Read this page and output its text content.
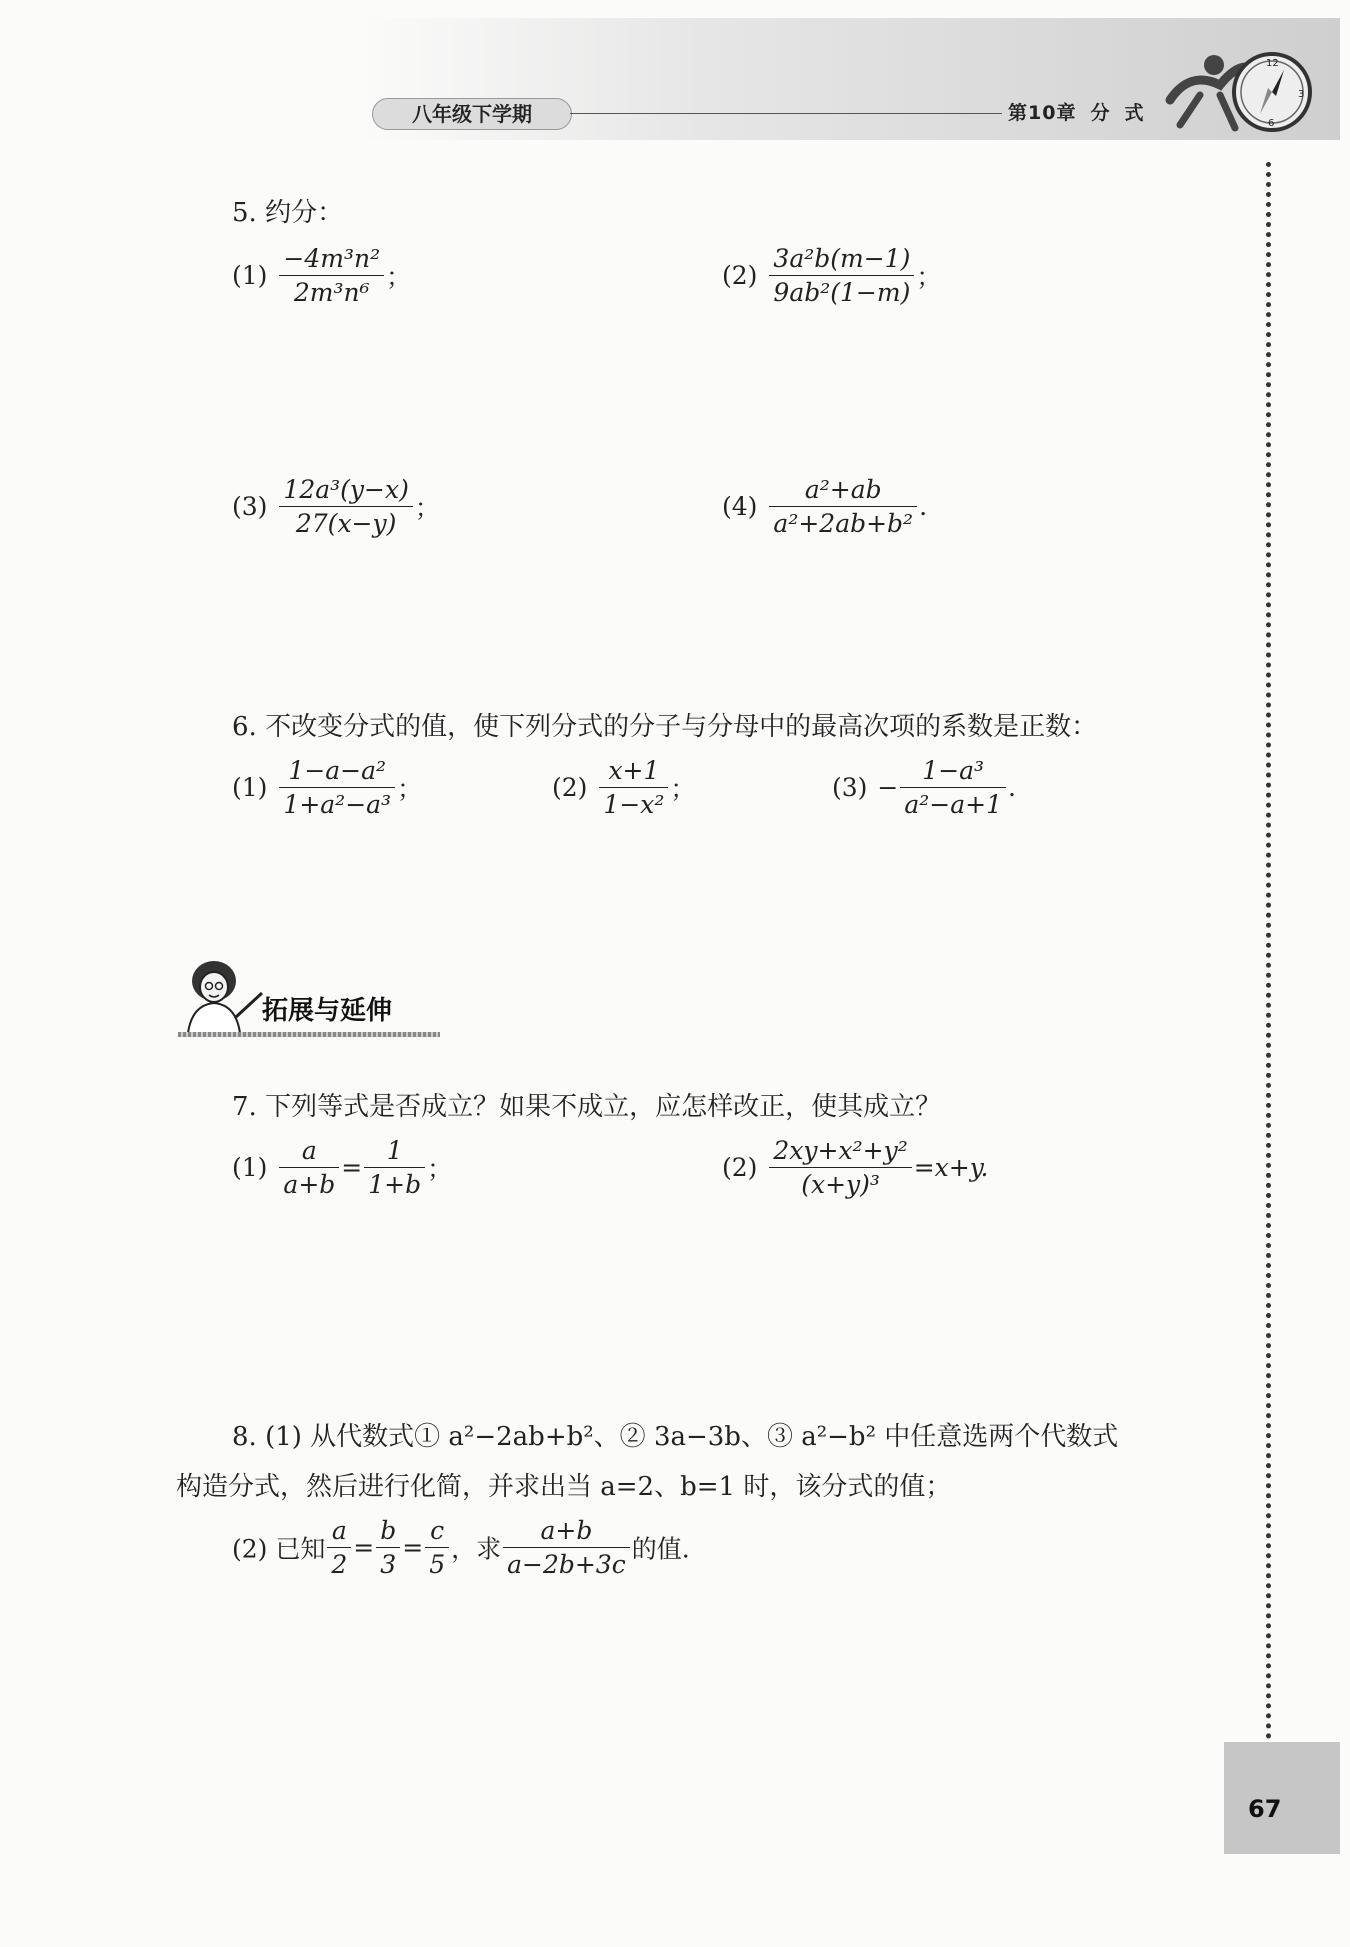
八年级下学期	第10章 分 式
12
3
6
5. 约分：
$(1) \frac{\text{−4m³n²}}{\text{2m³n⁶}}$ ；	$(2) \frac{\text{3a²b(m−1)}}{\text{9ab²(1−m)}}$ ；
$(3) \frac{\text{12a³(y−x)}}{27(x-y)}$ ；	$(4) \frac{\text{a²+ab}}{\text{a²+2ab+b²}}$ .
6. 不改变分式的值，使下列分式的分子与分母中的最高次项的系数是正数：
$(1) \frac{\text{1−a−a²}}{\text{1+a²−a³}}$ ；	$(2) \frac{x+1}{\text{1−x²}}$ ；	$(3) - \frac{\text{1−a³}}{\text{a²−a+1}}$ .
拓展与延伸
7. 下列等式是否成立？如果不成立，应怎样改正，使其成立？
$(1) \frac{a}{a+b} = \frac{1}{1+b}$ ；	$(2) \frac{\text{2xy+x²+y²}}{\text{(x+y)³}} =x+y$.
8. (1) 从代数式① a²−2ab+b²、② 3a−3b、③ a²−b² 中任意选两个代数式
构造分式，然后进行化简，并求出当 a=2、b=1 时，该分式的值；
(2) 已知 $\frac{a}{2} = \frac{b}{3} = \frac{c}{5}$ ，求 $\frac{a+b}{a-2b+3c}$ 的值.
67
